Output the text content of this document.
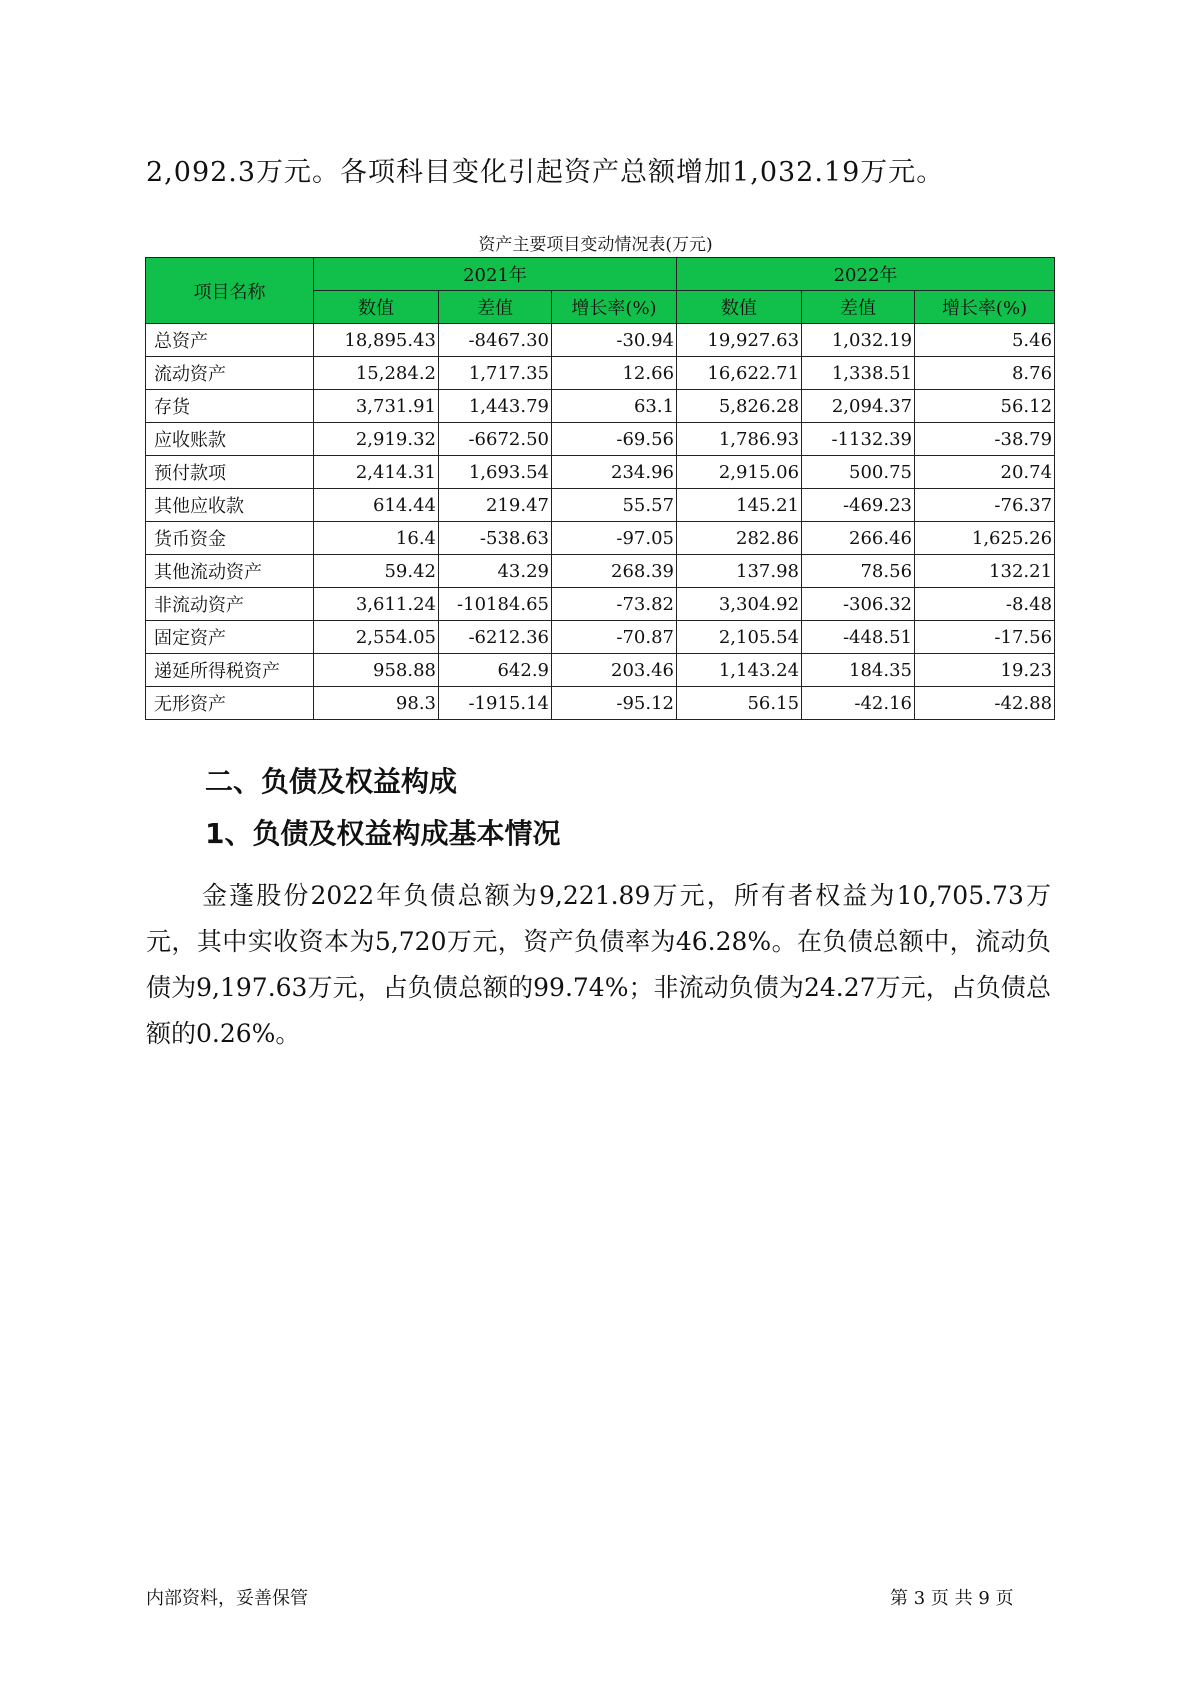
2,092.3万元。各项科目变化引起资产总额增加1,032.19万元。
资产主要项目变动情况表(万元)
项目名称	2021年			2022年		
	数值	差值	增长率(%)	数值	差值	增长率(%)
总资产	18,895.43	-8467.30	-30.94	19,927.63	1,032.19	5.46
流动资产	15,284.2	1,717.35	12.66	16,622.71	1,338.51	8.76
存货	3,731.91	1,443.79	63.1	5,826.28	2,094.37	56.12
应收账款	2,919.32	-6672.50	-69.56	1,786.93	-1132.39	-38.79
预付款项	2,414.31	1,693.54	234.96	2,915.06	500.75	20.74
其他应收款	614.44	219.47	55.57	145.21	-469.23	-76.37
货币资金	16.4	-538.63	-97.05	282.86	266.46	1,625.26
其他流动资产	59.42	43.29	268.39	137.98	78.56	132.21
非流动资产	3,611.24	-10184.65	-73.82	3,304.92	-306.32	-8.48
固定资产	2,554.05	-6212.36	-70.87	2,105.54	-448.51	-17.56
递延所得税资产	958.88	642.9	203.46	1,143.24	184.35	19.23
无形资产	98.3	-1915.14	-95.12	56.15	-42.16	-42.88
二、负债及权益构成
1、负债及权益构成基本情况

金蓬股份2022年负债总额为9,221.89万元，所有者权益为10,705.73万元，其中实收资本为5,720万元，资产负债率为46.28%。在负债总额中，流动负债为9,197.63万元，占负债总额的99.74%；非流动负债为24.27万元，占负债总额的0.26%。

内部资料，妥善保管	第 3 页 共 9 页
